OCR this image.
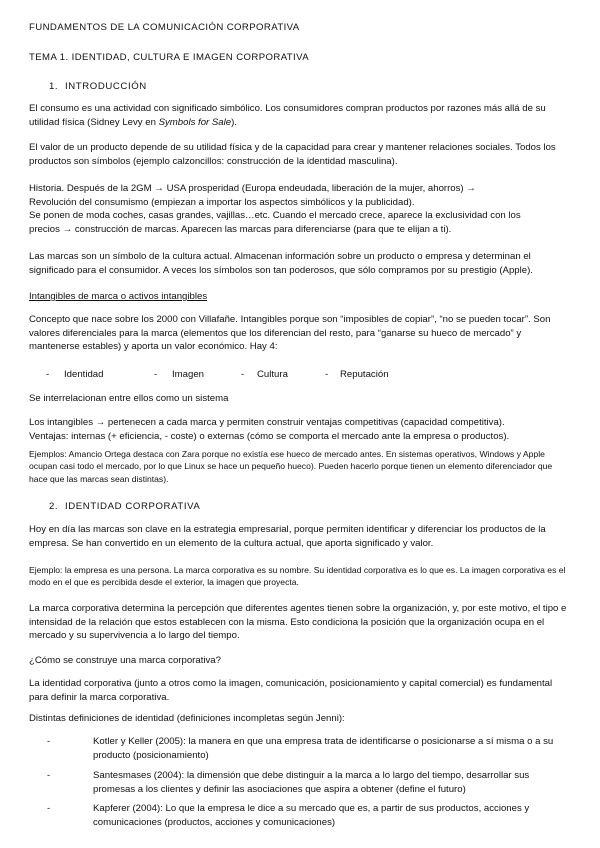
FUNDAMENTOS DE LA COMUNICACIÓN CORPORATIVA

TEMA 1. IDENTIDAD, CULTURA E IMAGEN CORPORATIVA

1. INTRODUCCIÓN

El consumo es una actividad con significado simbólico. Los consumidores compran productos por razones más allá de su utilidad física (Sidney Levy en Symbols for Sale).

El valor de un producto depende de su utilidad física y de la capacidad para crear y mantener relaciones sociales. Todos los productos son símbolos (ejemplo calzoncillos: construcción de la identidad masculina).

Historia. Después de la 2GM → USA prosperidad (Europa endeudada, liberación de la mujer, ahorros) →
Revolución del consumismo (empiezan a importar los aspectos simbólicos y la publicidad).
Se ponen de moda coches, casas grandes, vajillas…etc. Cuando el mercado crece, aparece la exclusividad con los
precios → construcción de marcas. Aparecen las marcas para diferenciarse (para que te elijan a ti).

Las marcas son un símbolo de la cultura actual. Almacenan información sobre un producto o empresa y determinan el significado para el consumidor. A veces los símbolos son tan poderosos, que sólo compramos por su prestigio (Apple).

Intangibles de marca o activos intangibles

Concepto que nace sobre los 2000 con Villafañe. Intangibles porque son “imposibles de copiar”, “no se pueden tocar”. Son valores diferenciales para la marca (elementos que los diferencian del resto, para “ganarse su hueco de mercado” y mantenerse estables) y aporta un valor económico. Hay 4:

- Identidad	- Imagen	- Cultura	- Reputación

Se interrelacionan entre ellos como un sistema

Los intangibles → pertenecen a cada marca y permiten construir ventajas competitivas (capacidad competitiva).
Ventajas: internas (+ eficiencia, - coste) o externas (cómo se comporta el mercado ante la empresa o productos).

Ejemplos: Amancio Ortega destaca con Zara porque no existía ese hueco de mercado antes. En sistemas operativos, Windows y Apple ocupan casi todo el mercado, por lo que Linux se hace un pequeño hueco). Pueden hacerlo porque tienen un elemento diferenciador que hace que las marcas sean distintas).

2. IDENTIDAD CORPORATIVA

Hoy en día las marcas son clave en la estrategia empresarial, porque permiten identificar y diferenciar los productos de la empresa. Se han convertido en un elemento de la cultura actual, que aporta significado y valor.

Ejemplo: la empresa es una persona. La marca corporativa es su nombre. Su identidad corporativa es lo que es. La imagen corporativa es el modo en el que es percibida desde el exterior, la imagen que proyecta.

La marca corporativa determina la percepción que diferentes agentes tienen sobre la organización, y, por este motivo, el tipo e intensidad de la relación que estos establecen con la misma. Esto condiciona la posición que la organización ocupa en el mercado y su supervivencia a lo largo del tiempo.

¿Cómo se construye una marca corporativa?

La identidad corporativa (junto a otros como la imagen, comunicación, posicionamiento y capital comercial) es fundamental para definir la marca corporativa.

Distintas definiciones de identidad (definiciones incompletas según Jenni):

-	Kotler y Keller (2005): la manera en que una empresa trata de identificarse o posicionarse a sí misma o a su producto (posicionamiento)
-	Santesmases (2004): la dimensión que debe distinguir a la marca a lo largo del tiempo, desarrollar sus promesas a los clientes y definir las asociaciones que aspira a obtener (define el futuro)
-	Kapferer (2004): Lo que la empresa le dice a su mercado que es, a partir de sus productos, acciones y comunicaciones (productos, acciones y comunicaciones)
